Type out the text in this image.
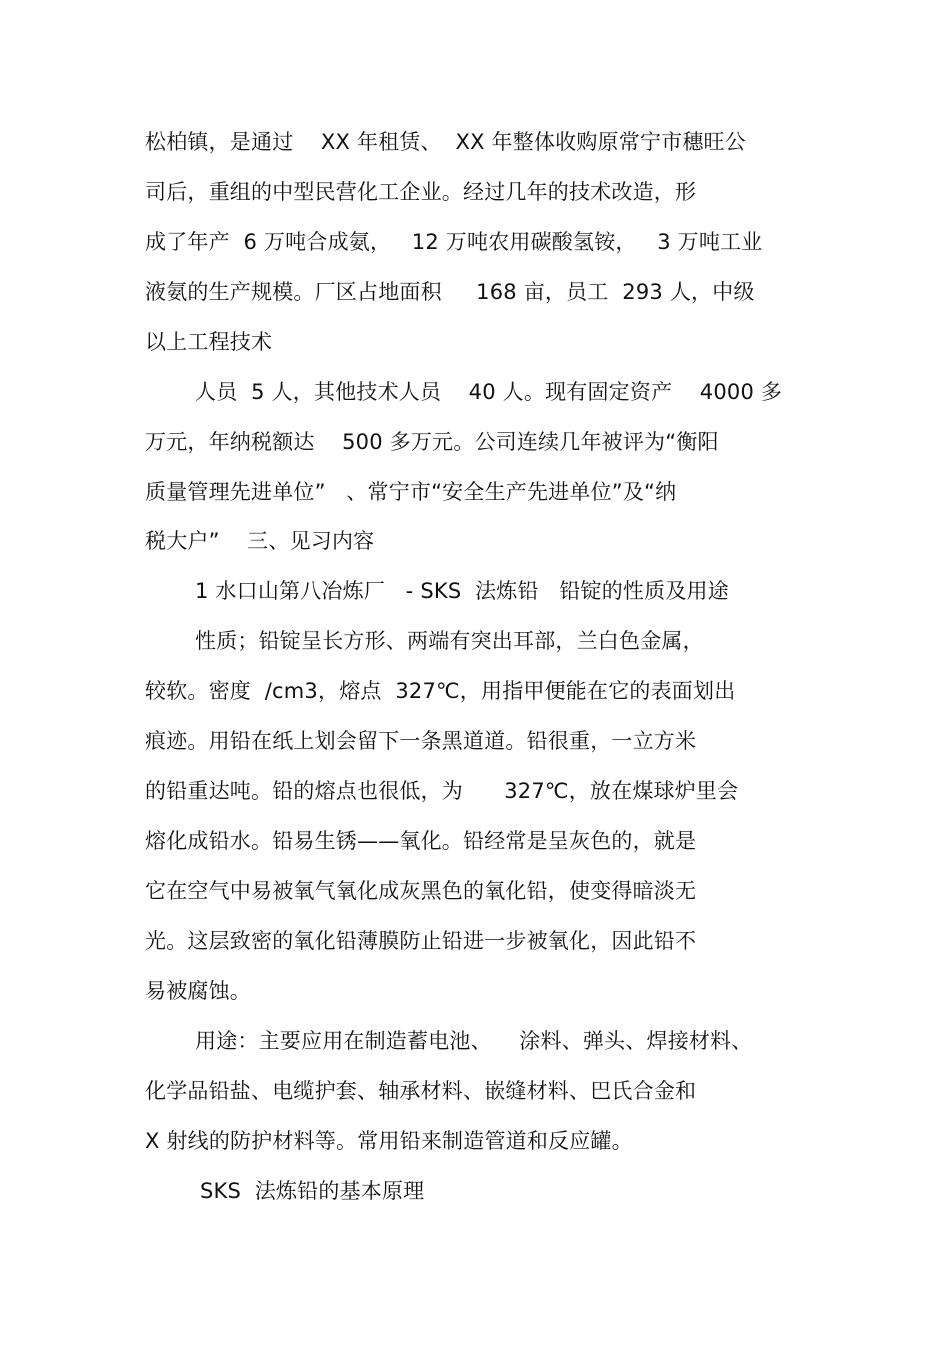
松柏镇，是通过    XX 年租赁、  XX 年整体收购原常宁市穗旺公
司后，重组的中型民营化工企业。经过几年的技术改造，形
成了年产  6 万吨合成氨，   12 万吨农用碳酸氢铵，   3 万吨工业
液氨的生产规模。厂区占地面积     168 亩，员工  293 人，中级
以上工程技术
人员  5 人，其他技术人员    40 人。现有固定资产    4000 多
万元，年纳税额达    500 多万元。公司连续几年被评为“衡阳
质量管理先进单位”   、常宁市“安全生产先进单位”及“纳
税大户”    三、见习内容
1 水口山第八冶炼厂   - SKS  法炼铅   铅锭的性质及用途
性质；铅锭呈长方形、两端有突出耳部，兰白色金属，
较软。密度  /cm3，熔点  327℃，用指甲便能在它的表面划出
痕迹。用铅在纸上划会留下一条黑道道。铅很重，一立方米
的铅重达吨。铅的熔点也很低，为      327℃，放在煤球炉里会
熔化成铅水。铅易生锈——氧化。铅经常是呈灰色的，就是
它在空气中易被氧气氧化成灰黑色的氧化铅，使变得暗淡无
光。这层致密的氧化铅薄膜防止铅进一步被氧化，因此铅不
易被腐蚀。
用途：主要应用在制造蓄电池、    涂料、弹头、焊接材料、
化学品铅盐、电缆护套、轴承材料、嵌缝材料、巴氏合金和
X 射线的防护材料等。常用铅来制造管道和反应罐。
SKS  法炼铅的基本原理
